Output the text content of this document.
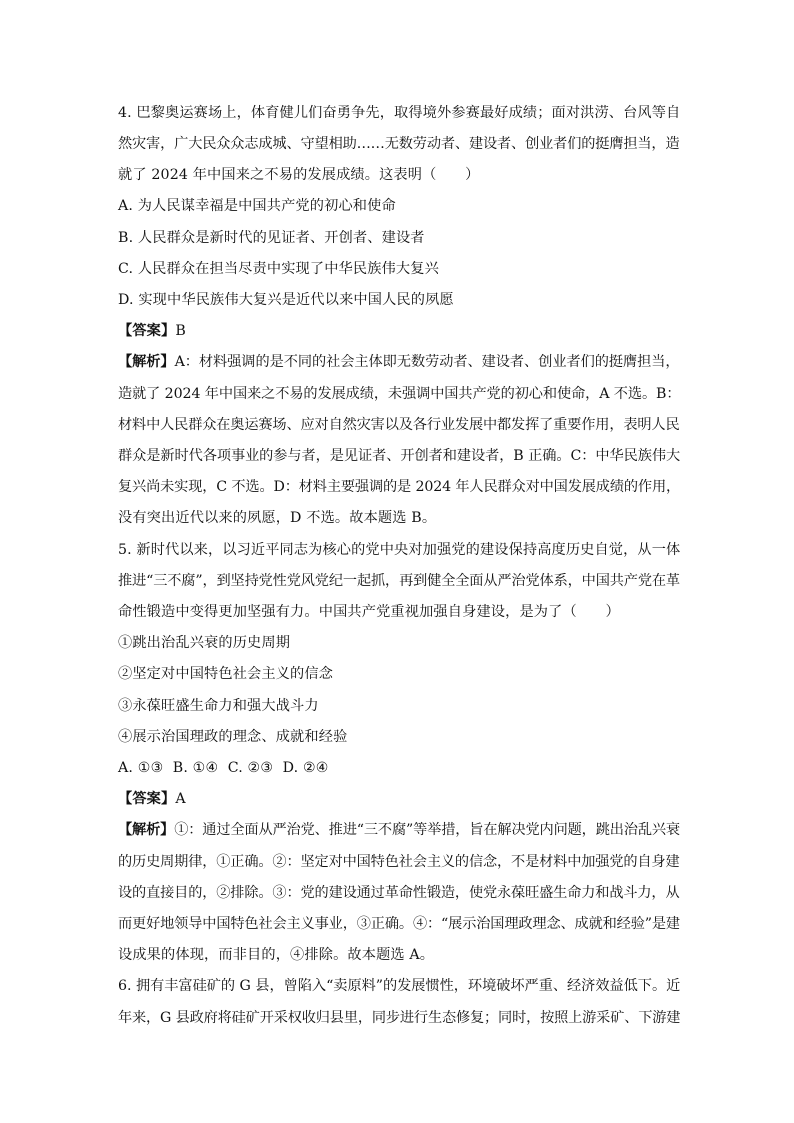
4. 巴黎奥运赛场上，体育健儿们奋勇争先，取得境外参赛最好成绩；面对洪涝、台风等自
然灾害，广大民众众志成城、守望相助……无数劳动者、建设者、创业者们的挺膺担当，造
就了 2024 年中国来之不易的发展成绩。这表明（　　）
A. 为人民谋幸福是中国共产党的初心和使命
B. 人民群众是新时代的见证者、开创者、建设者
C. 人民群众在担当尽责中实现了中华民族伟大复兴
D. 实现中华民族伟大复兴是近代以来中国人民的夙愿
【答案】B
【解析】A：材料强调的是不同的社会主体即无数劳动者、建设者、创业者们的挺膺担当，
造就了 2024 年中国来之不易的发展成绩，未强调中国共产党的初心和使命，A 不选。B：
材料中人民群众在奥运赛场、应对自然灾害以及各行业发展中都发挥了重要作用，表明人民
群众是新时代各项事业的参与者，是见证者、开创者和建设者，B 正确。C：中华民族伟大
复兴尚未实现，C 不选。D：材料主要强调的是 2024 年人民群众对中国发展成绩的作用，
没有突出近代以来的夙愿，D 不选。故本题选 B。
5. 新时代以来，以习近平同志为核心的党中央对加强党的建设保持高度历史自觉，从一体
推进“三不腐”，到坚持党性党风党纪一起抓，再到健全全面从严治党体系，中国共产党在革
命性锻造中变得更加坚强有力。中国共产党重视加强自身建设，是为了（　　）
①跳出治乱兴衰的历史周期
②坚定对中国特色社会主义的信念
③永葆旺盛生命力和强大战斗力
④展示治国理政的理念、成就和经验
A. ①③  B. ①④  C. ②③  D. ②④
【答案】A
【解析】①：通过全面从严治党、推进“三不腐”等举措，旨在解决党内问题，跳出治乱兴衰
的历史周期律，①正确。②：坚定对中国特色社会主义的信念，不是材料中加强党的自身建
设的直接目的，②排除。③：党的建设通过革命性锻造，使党永葆旺盛生命力和战斗力，从
而更好地领导中国特色社会主义事业，③正确。④：“展示治国理政理念、成就和经验”是建
设成果的体现，而非目的，④排除。故本题选 A。
6. 拥有丰富硅矿的 G 县，曾陷入“卖原料”的发展惯性，环境破坏严重、经济效益低下。近
年来，G 县政府将硅矿开采权收归县里，同步进行生态修复；同时，按照上游采矿、下游建
